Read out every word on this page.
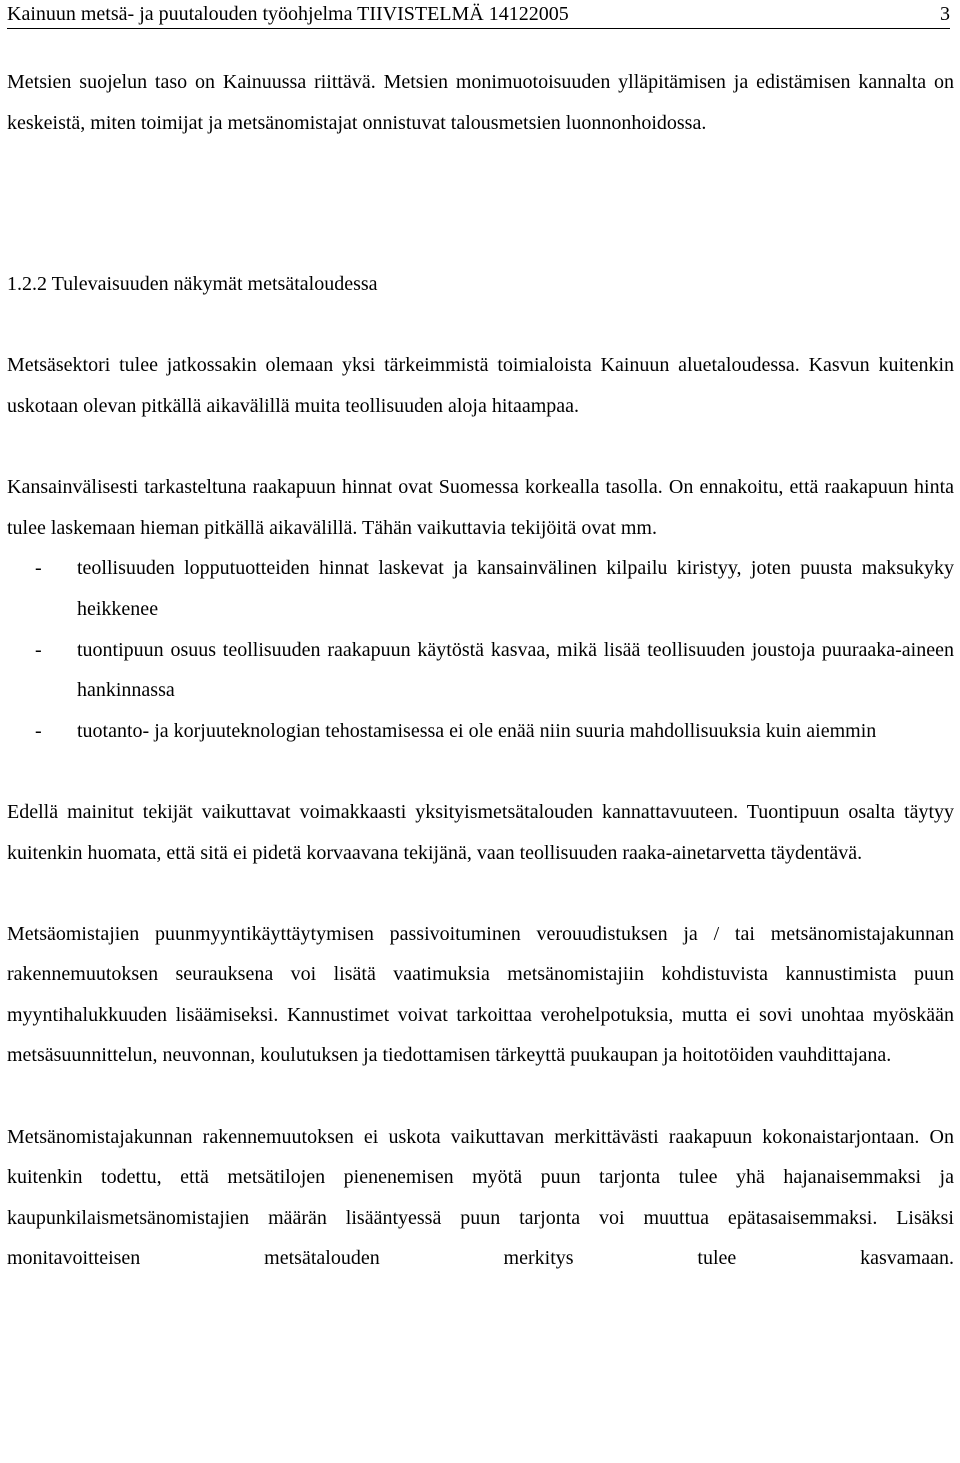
Kainuun metsä- ja puutalouden työohjelma TIIVISTELMÄ 14122005	3

Metsien suojelun taso on Kainuussa riittävä. Metsien monimuotoisuuden ylläpitämisen ja edistämisen kannalta on keskeistä, miten toimijat ja metsänomistajat onnistuvat talousmetsien luonnonhoidossa.

1.2.2 Tulevaisuuden näkymät metsätaloudessa

Metsäsektori tulee jatkossakin olemaan yksi tärkeimmistä toimialoista Kainuun aluetaloudessa. Kasvun kuitenkin uskotaan olevan pitkällä aikavälillä muita teollisuuden aloja hitaampaa.

Kansainvälisesti tarkasteltuna raakapuun hinnat ovat Suomessa korkealla tasolla. On ennakoitu, että raakapuun hinta tulee laskemaan hieman pitkällä aikavälillä. Tähän vaikuttavia tekijöitä ovat mm.

- teollisuuden lopputuotteiden hinnat laskevat ja kansainvälinen kilpailu kiristyy, joten puusta maksukyky heikkenee
- tuontipuun osuus teollisuuden raakapuun käytöstä kasvaa, mikä lisää teollisuuden joustoja puuraaka-aineen hankinnassa
- tuotanto- ja korjuuteknologian tehostamisessa ei ole enää niin suuria mahdollisuuksia kuin aiemmin

Edellä mainitut tekijät vaikuttavat voimakkaasti yksityismetsätalouden kannattavuuteen. Tuontipuun osalta täytyy kuitenkin huomata, että sitä ei pidetä korvaavana tekijänä, vaan teollisuuden raaka-ainetarvetta täydentävä.

Metsäomistajien puunmyyntikäyttäytymisen passivoituminen verouudistuksen ja / tai metsänomistajakunnan rakennemuutoksen seurauksena voi lisätä vaatimuksia metsänomistajiin kohdistuvista kannustimista puun myyntihalukkuuden lisäämiseksi. Kannustimet voivat tarkoittaa verohelpotuksia, mutta ei sovi unohtaa myöskään metsäsuunnittelun, neuvonnan, koulutuksen ja tiedottamisen tärkeyttä puukaupan ja hoitotöiden vauhdittajana.

Metsänomistajakunnan rakennemuutoksen ei uskota vaikuttavan merkittävästi raakapuun kokonaistarjontaan. On kuitenkin todettu, että metsätilojen pienenemisen myötä puun tarjonta tulee yhä hajanaisemmaksi ja kaupunkilaismetsänomistajien määrän lisääntyessä puun tarjonta voi muuttua epätasaisemmaksi. Lisäksi monitavoitteisen metsätalouden merkitys tulee kasvamaan.
